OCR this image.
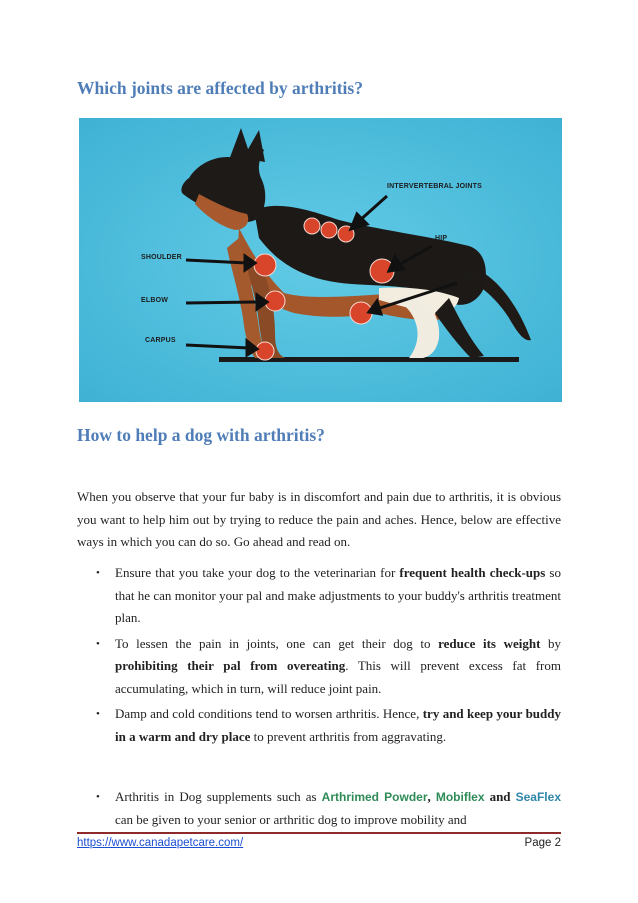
Which joints are affected by arthritis?
INTERVERTEBRAL JOINTS
HIP
KNEE
SHOULDER
ELBOW
CARPUS
How to help a dog with arthritis?

When you observe that your fur baby is in discomfort and pain due to arthritis, it is obvious you want to help him out by trying to reduce the pain and aches. Hence, below are effective ways in which you can do so. Go ahead and read on.

• Ensure that you take your dog to the veterinarian for frequent health check-ups so that he can monitor your pal and make adjustments to your buddy's arthritis treatment plan.
• To lessen the pain in joints, one can get their dog to reduce its weight by prohibiting their pal from overeating. This will prevent excess fat from accumulating, which in turn, will reduce joint pain.
• Damp and cold conditions tend to worsen arthritis. Hence, try and keep your buddy in a warm and dry place to prevent arthritis from aggravating.
• Arthritis in Dog supplements such as Arthrimed Powder, Mobiflex and SeaFlex can be given to your senior or arthritic dog to improve mobility and
https://www.canadapetcare.com/	Page 2
